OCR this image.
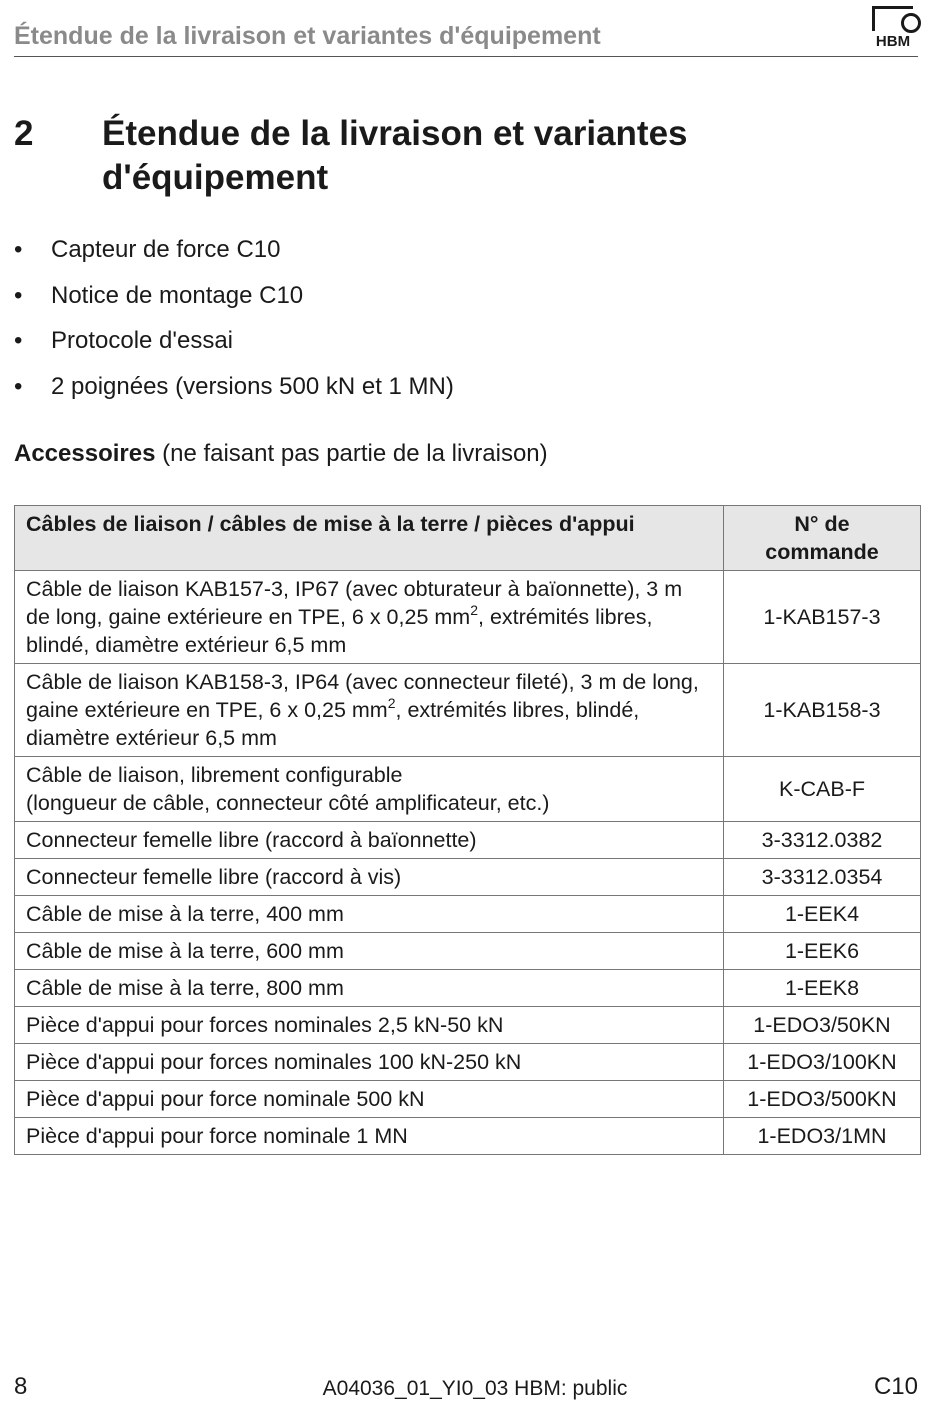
Étendue de la livraison et variantes d'équipement	HBM
2 Étendue de la livraison et variantes d'équipement
• Capteur de force C10
• Notice de montage C10
• Protocole d'essai
• 2 poignées (versions 500 kN et 1 MN)
Accessoires (ne faisant pas partie de la livraison)
Câbles de liaison / câbles de mise à la terre / pièces d'appui	N° de commande
Câble de liaison KAB157-3, IP67 (avec obturateur à baïonnette), 3 m de long, gaine extérieure en TPE, 6 x 0,25 $mm^2$, extrémités libres, blindé, diamètre extérieur 6,5 mm	1-KAB157-3
Câble de liaison KAB158-3, IP64 (avec connecteur fileté), 3 m de long, gaine extérieure en TPE, 6 x 0,25 $mm^2$, extrémités libres, blindé, diamètre extérieur 6,5 mm	1-KAB158-3
Câble de liaison, librement configurable
(longueur de câble, connecteur côté amplificateur, etc.)	K-CAB-F
Connecteur femelle libre (raccord à baïonnette)	3-3312.0382
Connecteur femelle libre (raccord à vis)	3-3312.0354
Câble de mise à la terre, 400 mm	1-EEK4
Câble de mise à la terre, 600 mm	1-EEK6
Câble de mise à la terre, 800 mm	1-EEK8
Pièce d'appui pour forces nominales 2,5 kN-50 kN	1-EDO3/50KN
Pièce d'appui pour forces nominales 100 kN-250 kN	1-EDO3/100KN
Pièce d'appui pour force nominale 500 kN	1-EDO3/500KN
Pièce d'appui pour force nominale 1 MN	1-EDO3/1MN
8	A04036_01_YI0_03 HBM: public	C10
